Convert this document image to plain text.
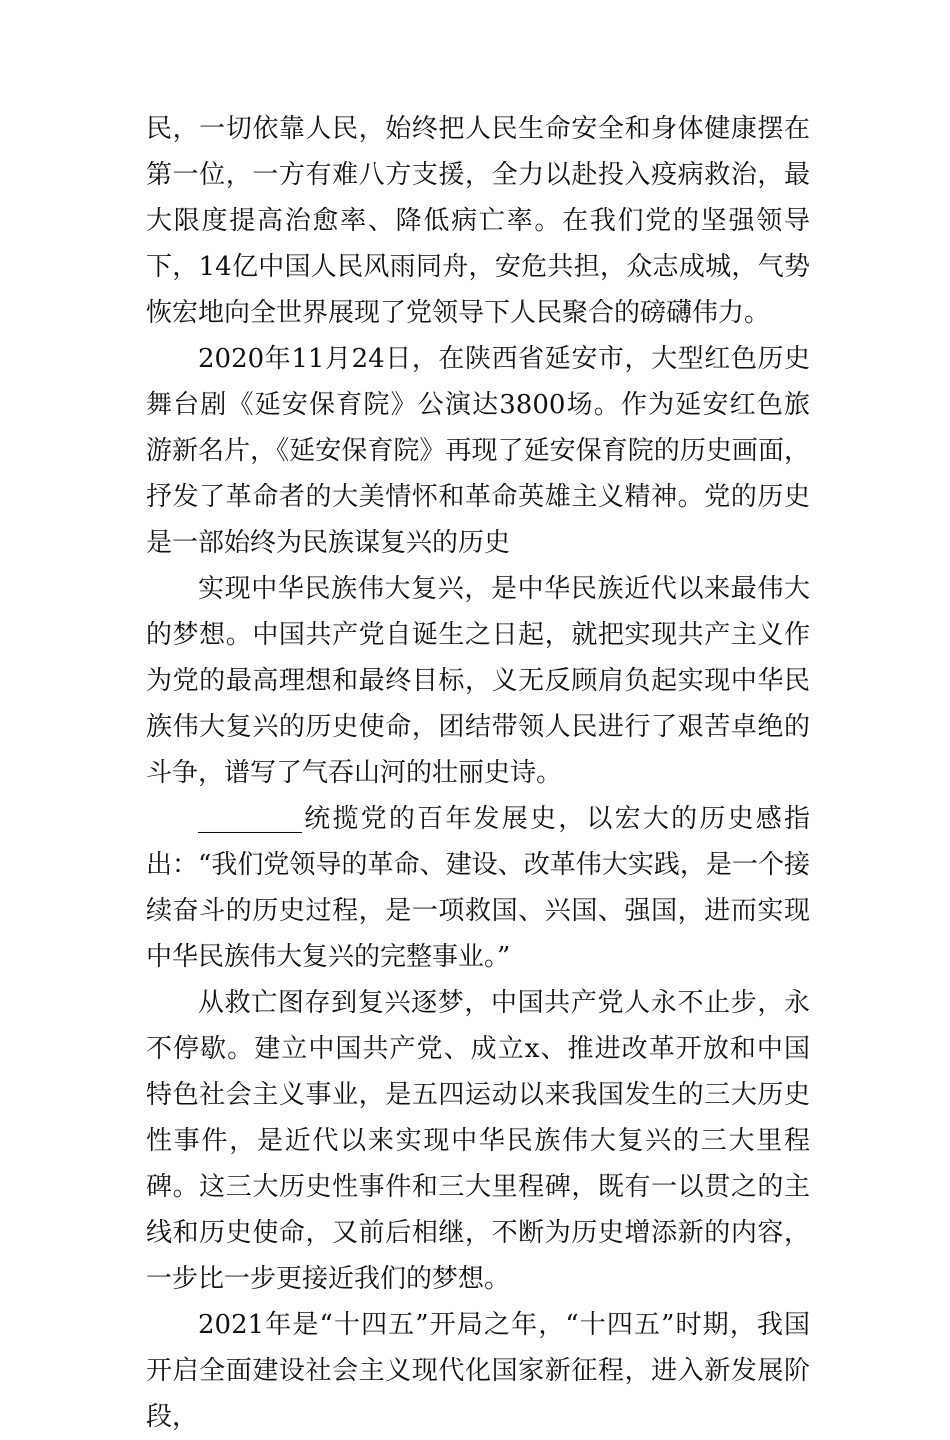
民，一切依靠人民，始终把人民生命安全和身体健康摆在第一位，一方有难八方支援，全力以赴投入疫病救治，最大限度提高治愈率、降低病亡率。在我们党的坚强领导下，14亿中国人民风雨同舟，安危共担，众志成城，气势恢宏地向全世界展现了党领导下人民聚合的磅礴伟力。

2020年11月24日，在陕西省延安市，大型红色历史舞台剧《延安保育院》公演达3800场。作为延安红色旅游新名片，《延安保育院》再现了延安保育院的历史画面，抒发了革命者的大美情怀和革命英雄主义精神。党的历史是一部始终为民族谋复兴的历史

实现中华民族伟大复兴，是中华民族近代以来最伟大的梦想。中国共产党自诞生之日起，就把实现共产主义作为党的最高理想和最终目标，义无反顾肩负起实现中华民族伟大复兴的历史使命，团结带领人民进行了艰苦卓绝的斗争，谱写了气吞山河的壮丽史诗。

________统揽党的百年发展史，以宏大的历史感指出：“我们党领导的革命、建设、改革伟大实践，是一个接续奋斗的历史过程，是一项救国、兴国、强国，进而实现中华民族伟大复兴的完整事业。”

从救亡图存到复兴逐梦，中国共产党人永不止步，永不停歇。建立中国共产党、成立x、推进改革开放和中国特色社会主义事业，是五四运动以来我国发生的三大历史性事件，是近代以来实现中华民族伟大复兴的三大里程碑。这三大历史性事件和三大里程碑，既有一以贯之的主线和历史使命，又前后相继，不断为历史增添新的内容，一步比一步更接近我们的梦想。

2021年是“十四五”开局之年，“十四五”时期，我国开启全面建设社会主义现代化国家新征程，进入新发展阶段，
